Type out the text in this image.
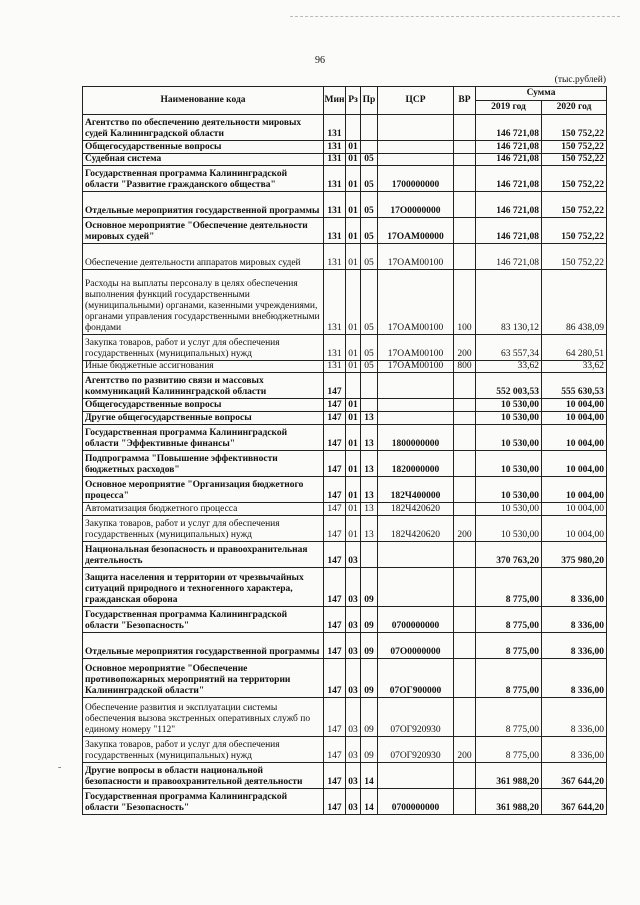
96
(тыс.рублей)
-
Наименование кода	Мин	Рз	Пр	ЦСР	ВР	Сумма	
						2019 год	2020 год
Агентство по обеспечению деятельности мировых судей Калининградской области	131					146 721,08	150 752,22
Общегосударственные вопросы	131	01				146 721,08	150 752,22
Судебная система	131	01	05			146 721,08	150 752,22
Государственная программа Калининградской области "Развитие гражданского общества"	131	01	05	1700000000		146 721,08	150 752,22
Отдельные мероприятия государственной программы	131	01	05	17O0000000		146 721,08	150 752,22
Основное мероприятие "Обеспечение деятельности мировых судей"	131	01	05	17OAM00000		146 721,08	150 752,22
Обеспечение деятельности аппаратов мировых судей	131	01	05	17OAM00100		146 721,08	150 752,22
Расходы на выплаты персоналу в целях обеспечения выполнения функций государственными (муниципальными) органами, казенными учреждениями, органами управления государственными внебюджетными фондами	131	01	05	17OAM00100	100	83 130,12	86 438,09
Закупка товаров, работ и услуг для обеспечения государственных (муниципальных) нужд	131	01	05	17OAM00100	200	63 557,34	64 280,51
Иные бюджетные ассигнования	131	01	05	17OAM00100	800	33,62	33,62
Агентство по развитию связи и массовых коммуникаций Калининградской области	147					552 003,53	555 630,53
Общегосударственные вопросы	147	01				10 530,00	10 004,00
Другие общегосударственные вопросы	147	01	13			10 530,00	10 004,00
Государственная программа Калининградской области "Эффективные финансы"	147	01	13	1800000000		10 530,00	10 004,00
Подпрограмма "Повышение эффективности бюджетных расходов"	147	01	13	1820000000		10 530,00	10 004,00
Основное мероприятие "Организация бюджетного процесса"	147	01	13	182Ч400000		10 530,00	10 004,00
Автоматизация бюджетного процесса	147	01	13	182Ч420620		10 530,00	10 004,00
Закупка товаров, работ и услуг для обеспечения государственных (муниципальных) нужд	147	01	13	182Ч420620	200	10 530,00	10 004,00
Национальная безопасность и правоохранительная деятельность	147	03				370 763,20	375 980,20
Защита населения и территории от чрезвычайных ситуаций природного и техногенного характера, гражданская оборона	147	03	09			8 775,00	8 336,00
Государственная программа Калининградской области "Безопасность"	147	03	09	0700000000		8 775,00	8 336,00
Отдельные мероприятия государственной программы	147	03	09	07O0000000		8 775,00	8 336,00
Основное мероприятие "Обеспечение противопожарных мероприятий на территории Калининградской области"	147	03	09	07OГ900000		8 775,00	8 336,00
Обеспечение развития и эксплуатации системы обеспечения вызова экстренных оперативных служб по единому номеру "112"	147	03	09	07OГ920930		8 775,00	8 336,00
Закупка товаров, работ и услуг для обеспечения государственных (муниципальных) нужд	147	03	09	07OГ920930	200	8 775,00	8 336,00
Другие вопросы в области национальной безопасности и правоохранительной деятельности	147	03	14			361 988,20	367 644,20
Государственная программа Калининградской области "Безопасность"	147	03	14	0700000000		361 988,20	367 644,20
